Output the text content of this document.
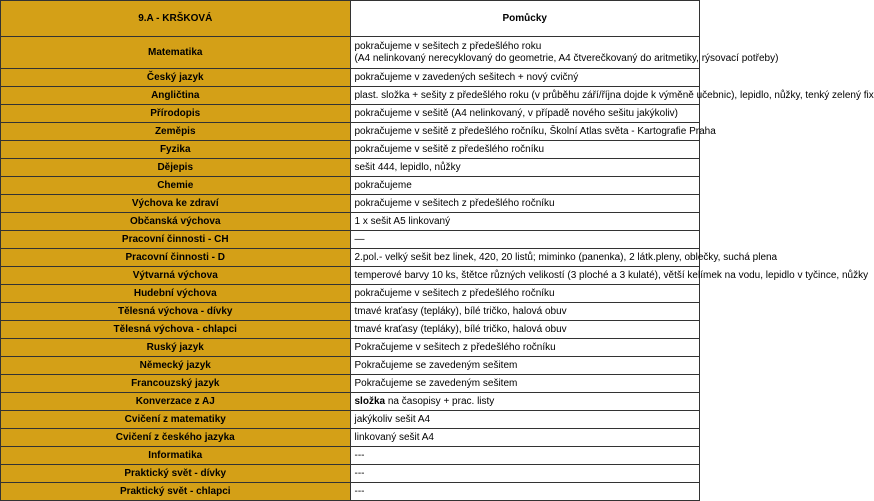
9.A - KRŠKOVÁ	Pomůcky
Matematika	pokračujeme v sešitech z předešlého roku
(A4 nelinkovaný nerecyklovaný do geometrie, A4 čtverečkovaný do aritmetiky, rýsovací potřeby)

Český jazyk	pokračujeme v zavedených sešitech + nový cvičný
Angličtina	plast. složka + sešity z předešlého roku (v průběhu září/října dojde k výměně učebnic), lepidlo, nůžky, tenký zelený fix
Přírodopis	pokračujeme v sešitě (A4 nelinkovaný, v případě nového sešitu jakýkoliv)
Zeměpis	pokračujeme v sešitě z předešlého ročníku, Školní Atlas světa - Kartografie Praha
Fyzika	pokračujeme v sešitě z předešlého ročníku
Dějepis	sešit 444, lepidlo, nůžky
Chemie	pokračujeme
Výchova ke zdraví	pokračujeme v sešitech z předešlého ročníku
Občanská výchova	1 x sešit A5 linkovaný
Pracovní činnosti - CH	—
Pracovní činnosti - D	2.pol.- velký sešit bez linek, 420, 20 listů; miminko (panenka), 2 látk.pleny, oblečky, suchá plena
Výtvarná výchova	temperové barvy 10 ks, štětce různých velikostí (3 ploché a 3 kulaté), větší kelímek na vodu, lepidlo v tyčince, nůžky
Hudební výchova	pokračujeme v sešitech z předešlého ročníku
Tělesná výchova - dívky	tmavé kraťasy (tepláky), bílé tričko, halová obuv
Tělesná výchova - chlapci	tmavé kraťasy (tepláky), bílé tričko, halová obuv
Ruský jazyk	Pokračujeme v sešitech z předešlého ročníku
Německý jazyk	Pokračujeme se zavedeným sešitem
Francouzský jazyk	Pokračujeme se zavedeným sešitem
Konverzace z AJ	složka na časopisy + prac. listy
Cvičení z matematiky	jakýkoliv sešit A4
Cvičení z českého jazyka	linkovaný sešit A4
Informatika	---
Praktický svět - dívky	---
Praktický svět - chlapci	---
